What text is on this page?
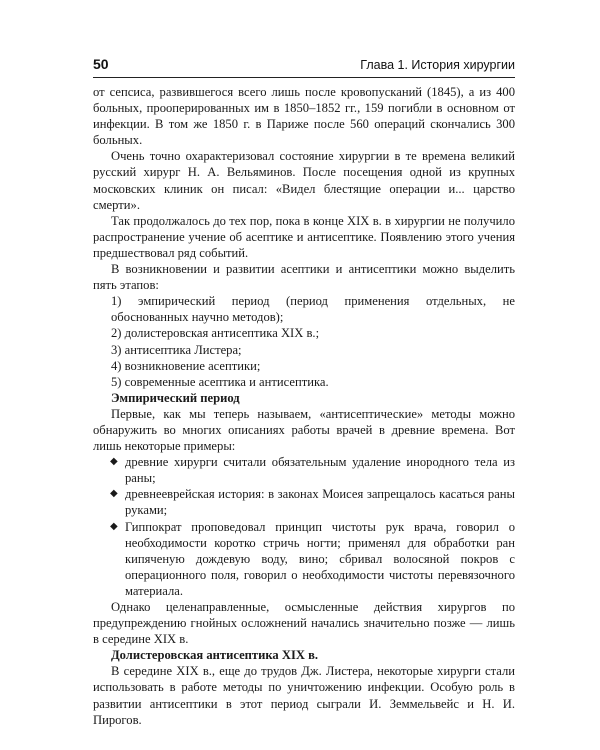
50	Глава 1. История хирургии

от сепсиса, развившегося всего лишь после кровопусканий (1845), а из 400 больных, прооперированных им в 1850–1852 гг., 159 погибли в основном от инфекции. В том же 1850 г. в Париже после 560 операций скончались 300 больных.

Очень точно охарактеризовал состояние хирургии в те времена великий русский хирург Н. А. Вельяминов. После посещения одной из крупных московских клиник он писал: «Видел блестящие операции и... царство смерти».

Так продолжалось до тех пор, пока в конце XIX в. в хирургии не получило распространение учение об асептике и антисептике. Появлению этого учения предшествовал ряд событий.

В возникновении и развитии асептики и антисептики можно выделить пять этапов:

1) эмпирический период (период применения отдельных, не обоснованных научно методов);
2) долистеровская антисептика XIX в.;
3) антисептика Листера;
4) возникновение асептики;
5) современные асептика и антисептика.

Эмпирический период

Первые, как мы теперь называем, «антисептические» методы можно обнаружить во многих описаниях работы врачей в древние времена. Вот лишь некоторые примеры:

◆ древние хирурги считали обязательным удаление инородного тела из раны;
◆ древнееврейская история: в законах Моисея запрещалось касаться раны руками;
◆ Гиппократ проповедовал принцип чистоты рук врача, говорил о необходимости коротко стричь ногти; применял для обработки ран кипяченую дождевую воду, вино; сбривал волосяной покров с операционного поля, говорил о необходимости чистоты перевязочного материала.

Однако целенаправленные, осмысленные действия хирургов по предупреждению гнойных осложнений начались значительно позже — лишь в середине XIX в.

Долистеровская антисептика XIX в.

В середине XIX в., еще до трудов Дж. Листера, некоторые хирурги стали использовать в работе методы по уничтожению инфекции. Особую роль в развитии антисептики в этот период сыграли И. Земмельвейс и Н. И. Пирогов.
